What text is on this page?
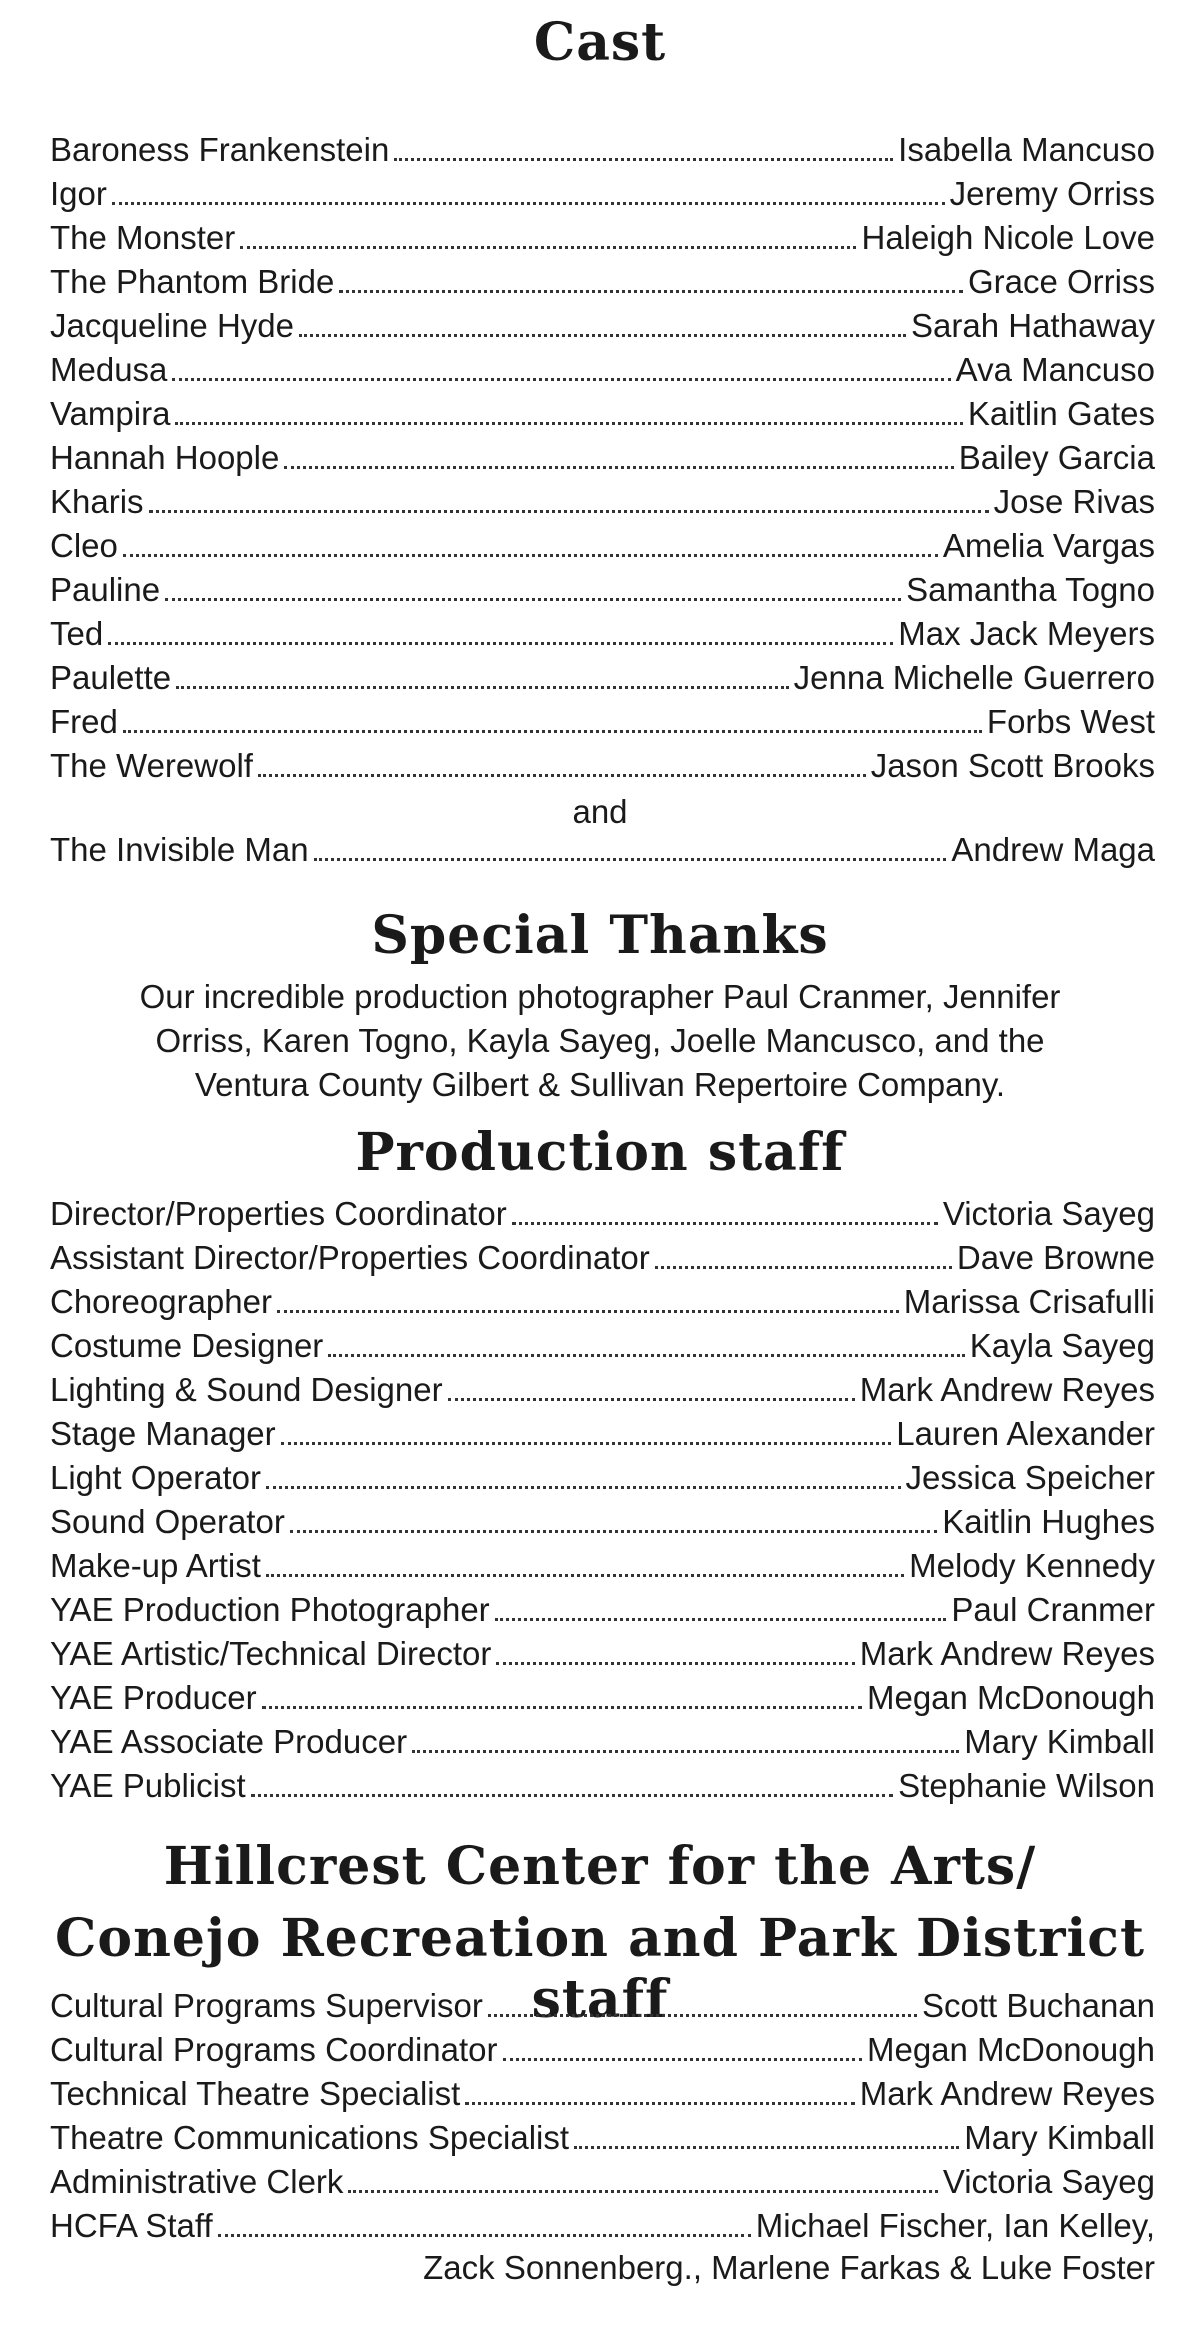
Cast
Baroness Frankenstein	Isabella Mancuso
Igor	Jeremy Orriss
The Monster	Haleigh Nicole Love
The Phantom Bride	Grace Orriss
Jacqueline Hyde	Sarah Hathaway
Medusa	Ava Mancuso
Vampira	Kaitlin Gates
Hannah Hoople	Bailey Garcia
Kharis	Jose Rivas
Cleo	Amelia Vargas
Pauline	Samantha Togno
Ted	Max Jack Meyers
Paulette	Jenna Michelle Guerrero
Fred	Forbs West
The Werewolf	Jason Scott Brooks
and
The Invisible Man	Andrew Maga
Special Thanks
Our incredible production photographer Paul Cranmer, Jennifer
Orriss, Karen Togno, Kayla Sayeg, Joelle Mancusco, and the
Ventura County Gilbert & Sullivan Repertoire Company.
Production staff
Director/Properties Coordinator	Victoria Sayeg
Assistant Director/Properties Coordinator	Dave Browne
Choreographer	Marissa Crisafulli
Costume Designer	Kayla Sayeg
Lighting & Sound Designer	Mark Andrew Reyes
Stage Manager	Lauren Alexander
Light Operator	Jessica Speicher
Sound Operator	Kaitlin Hughes
Make-up Artist	Melody Kennedy
YAE Production Photographer	Paul Cranmer
YAE Artistic/Technical Director	Mark Andrew Reyes
YAE Producer	Megan McDonough
YAE Associate Producer	Mary Kimball
YAE Publicist	Stephanie Wilson
Hillcrest Center for the Arts/
Conejo Recreation and Park District staff
Cultural Programs Supervisor	Scott Buchanan
Cultural Programs Coordinator	Megan McDonough
Technical Theatre Specialist	Mark Andrew Reyes
Theatre Communications Specialist	Mary Kimball
Administrative Clerk	Victoria Sayeg
HCFA Staff	Michael Fischer, Ian Kelley,
Zack Sonnenberg., Marlene Farkas & Luke Foster
